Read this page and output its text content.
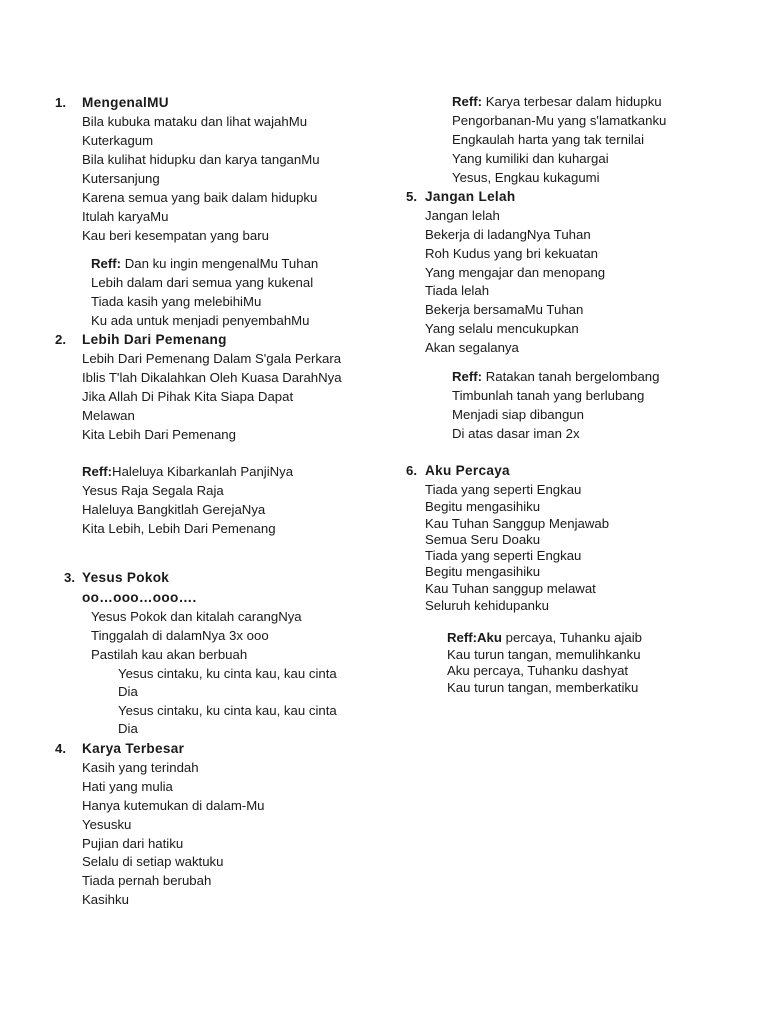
1. MengenalMU
Bila kubuka mataku dan lihat wajahMu
Kuterkagum
Bila kulihat hidupku dan karya tanganMu
Kutersanjung
Karena semua yang baik dalam hidupku
Itulah karyaMu
Kau beri kesempatan yang baru
Reff: Dan ku ingin mengenalMu Tuhan
Lebih dalam dari semua yang kukenal
Tiada kasih yang melebihiMu
Ku ada untuk menjadi penyembahMu
2. Lebih Dari Pemenang
Lebih Dari Pemenang Dalam S'gala Perkara
Iblis T'lah Dikalahkan Oleh Kuasa DarahNya
Jika Allah Di Pihak Kita Siapa Dapat
Melawan
Kita Lebih Dari Pemenang
Reff:Haleluya Kibarkanlah PanjiNya
Yesus Raja Segala Raja
Haleluya Bangkitlah GerejaNya
Kita Lebih, Lebih Dari Pemenang
3. Yesus Pokok
oo…ooo…ooo….
Yesus Pokok dan kitalah carangNya
Tinggalah di dalamNya 3x ooo
Pastilah kau akan berbuah
Yesus cintaku, ku cinta kau, kau cinta
Dia
Yesus cintaku, ku cinta kau, kau cinta
Dia
4. Karya Terbesar
Kasih yang terindah
Hati yang mulia
Hanya kutemukan di dalam-Mu
Yesusku
Pujian dari hatiku
Selalu di setiap waktuku
Tiada pernah berubah
Kasihku
Reff: Karya terbesar dalam hidupku
Pengorbanan-Mu yang s'lamatkanku
Engkaulah harta yang tak ternilai
Yang kumiliki dan kuhargai
Yesus, Engkau kukagumi
5. Jangan Lelah
Jangan lelah
Bekerja di ladangNya Tuhan
Roh Kudus yang bri kekuatan
Yang mengajar dan menopang
Tiada lelah
Bekerja bersamaMu Tuhan
Yang selalu mencukupkan
Akan segalanya
Reff: Ratakan tanah bergelombang
Timbunlah tanah yang berlubang
Menjadi siap dibangun
Di atas dasar iman 2x
6. Aku Percaya
Tiada yang seperti Engkau
Begitu mengasihiku
Kau Tuhan Sanggup Menjawab
Semua Seru Doaku
Tiada yang seperti Engkau
Begitu mengasihiku
Kau Tuhan sanggup melawat
Seluruh kehidupanku
Reff:Aku percaya, Tuhanku ajaib
Kau turun tangan, memulihkanku
Aku percaya, Tuhanku dashyat
Kau turun tangan, memberkatiku
